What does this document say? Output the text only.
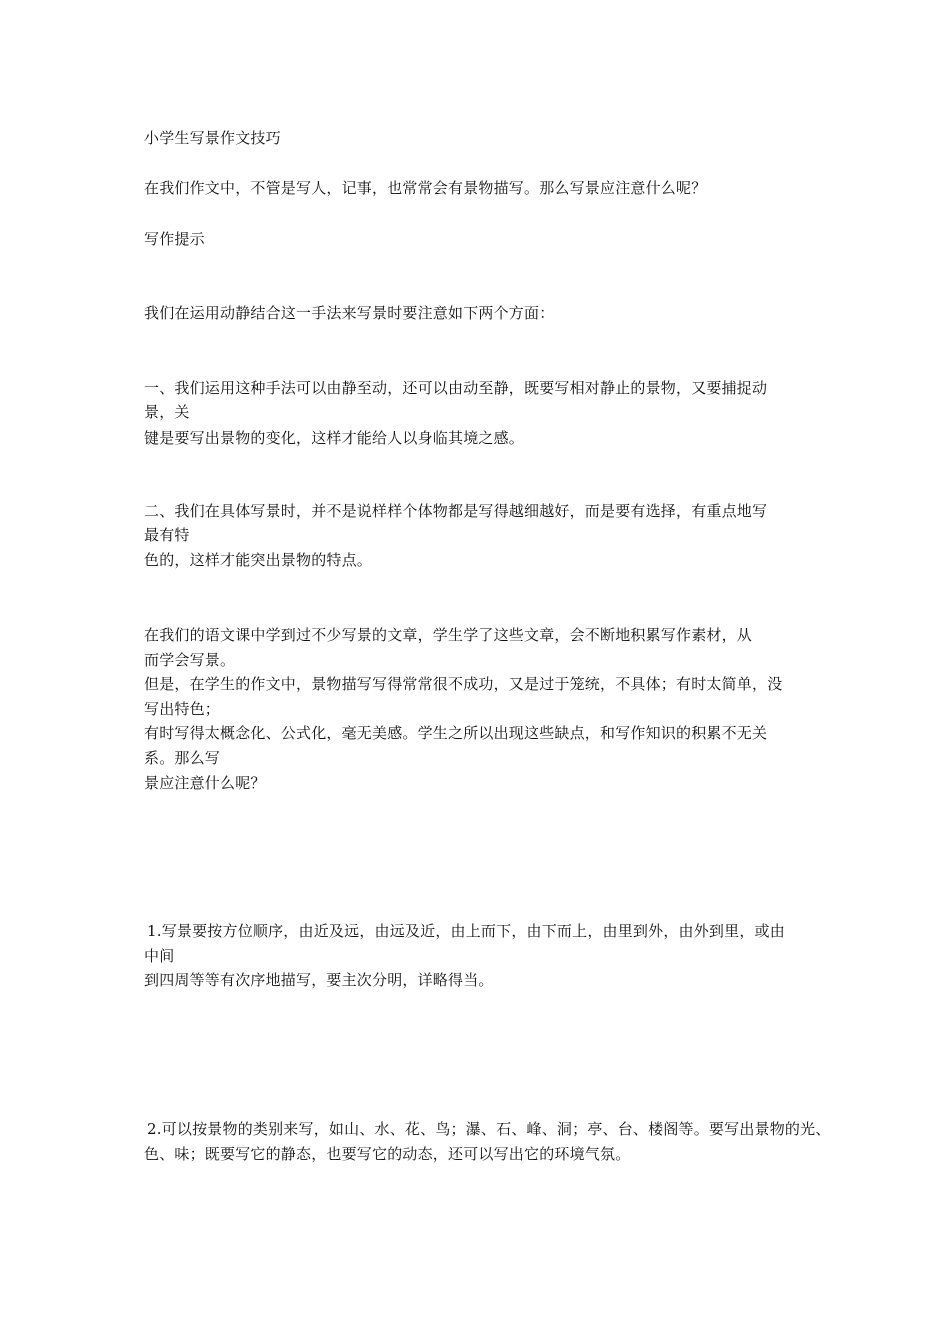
小学生写景作文技巧
在我们作文中，不管是写人，记事，也常常会有景物描写。那么写景应注意什么呢？
写作提示
我们在运用动静结合这一手法来写景时要注意如下两个方面：
一、我们运用这种手法可以由静至动，还可以由动至静，既要写相对静止的景物，又要捕捉动
景，关
键是要写出景物的变化，这样才能给人以身临其境之感。
二、我们在具体写景时，并不是说样样个体物都是写得越细越好，而是要有选择，有重点地写
最有特
色的，这样才能突出景物的特点。
在我们的语文课中学到过不少写景的文章，学生学了这些文章，会不断地积累写作素材，从
而学会写景。
但是，在学生的作文中，景物描写写得常常很不成功，又是过于笼统，不具体；有时太简单，没
写出特色；
有时写得太概念化、公式化，毫无美感。学生之所以出现这些缺点，和写作知识的积累不无关
系。那么写
景应注意什么呢？
1.写景要按方位顺序，由近及远，由远及近，由上而下，由下而上，由里到外，由外到里，或由
中间
到四周等等有次序地描写，要主次分明，详略得当。
2.可以按景物的类别来写，如山、水、花、鸟；瀑、石、峰、洞；亭、台、楼阁等。要写出景物的光、
色、味；既要写它的静态，也要写它的动态，还可以写出它的环境气氛。
